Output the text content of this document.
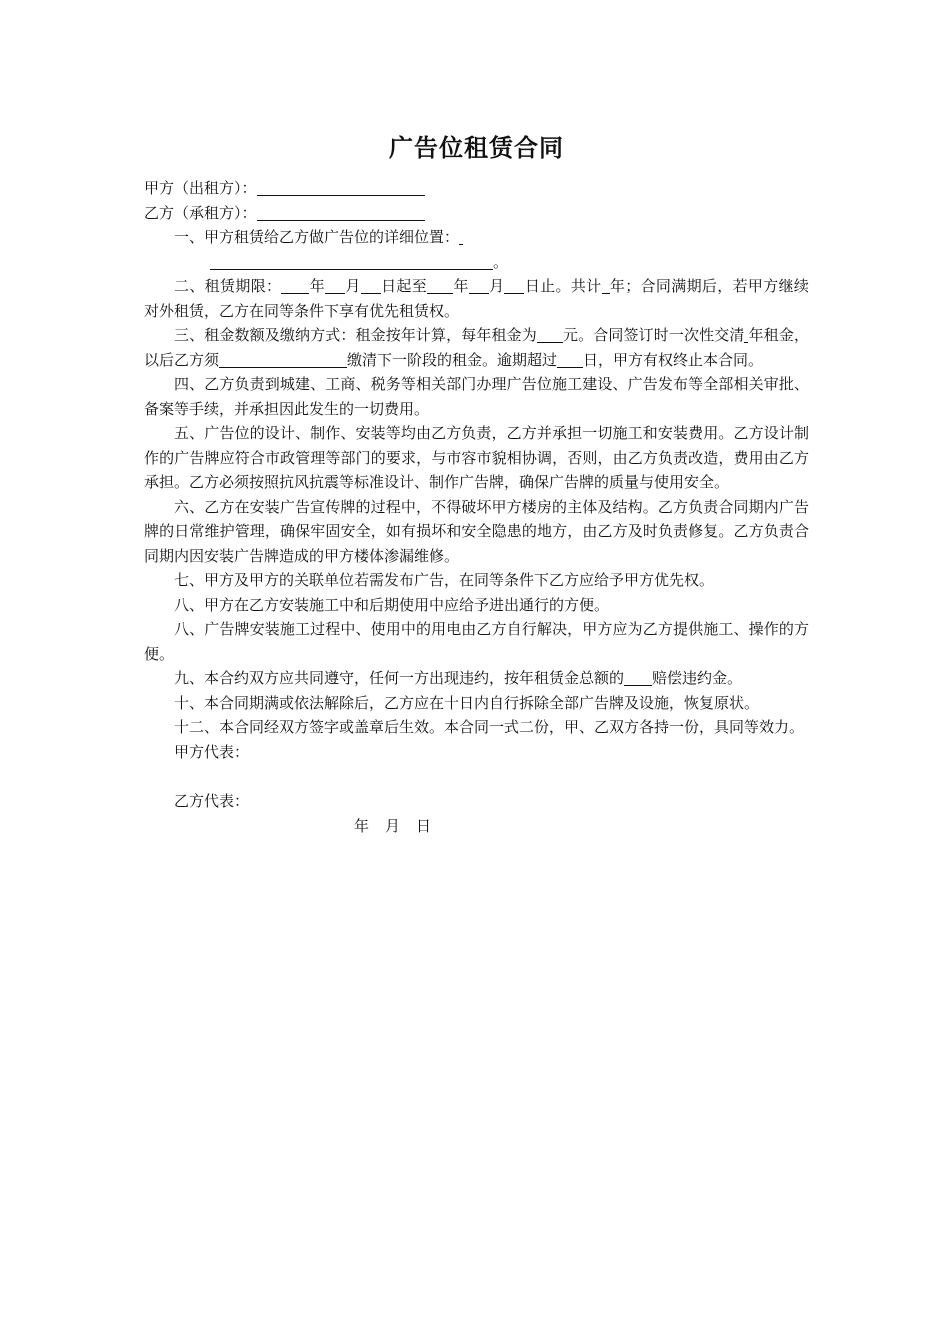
广告位租赁合同

甲方（出租方）：

乙方（承租方）：

一、甲方租赁给乙方做广告位的详细位置：

。

二、租赁期限： 年 月 日起至 年 月 日止。共计 年；合同满期后，若甲方继续对外租赁，乙方在同等条件下享有优先租赁权。

三、租金数额及缴纳方式：租金按年计算，每年租金为 元。合同签订时一次性交清 年租金，以后乙方须	缴清下一阶段的租金。逾期超过 日，甲方有权终止本合同。

四、乙方负责到城建、工商、税务等相关部门办理广告位施工建设、广告发布等全部相关审批、备案等手续，并承担因此发生的一切费用。

五、广告位的设计、制作、安装等均由乙方负责，乙方并承担一切施工和安装费用。乙方设计制作的广告牌应符合市政管理等部门的要求，与市容市貌相协调，否则，由乙方负责改造，费用由乙方承担。乙方必须按照抗风抗震等标准设计、制作广告牌，确保广告牌的质量与使用安全。

六、乙方在安装广告宣传牌的过程中，不得破坏甲方楼房的主体及结构。乙方负责合同期内广告牌的日常维护管理，确保牢固安全，如有损坏和安全隐患的地方，由乙方及时负责修复。乙方负责合同期内因安装广告牌造成的甲方楼体渗漏维修。

七、甲方及甲方的关联单位若需发布广告，在同等条件下乙方应给予甲方优先权。

八、甲方在乙方安装施工中和后期使用中应给予进出通行的方便。

八、广告牌安装施工过程中、使用中的用电由乙方自行解决，甲方应为乙方提供施工、操作的方便。

九、本合约双方应共同遵守，任何一方出现违约，按年租赁金总额的 赔偿违约金。

十、本合同期满或依法解除后，乙方应在十日内自行拆除全部广告牌及设施，恢复原状。

十二、本合同经双方签字或盖章后生效。本合同一式二份，甲、乙双方各持一份，具同等效力。

甲方代表：

乙方代表：

年 月 日
